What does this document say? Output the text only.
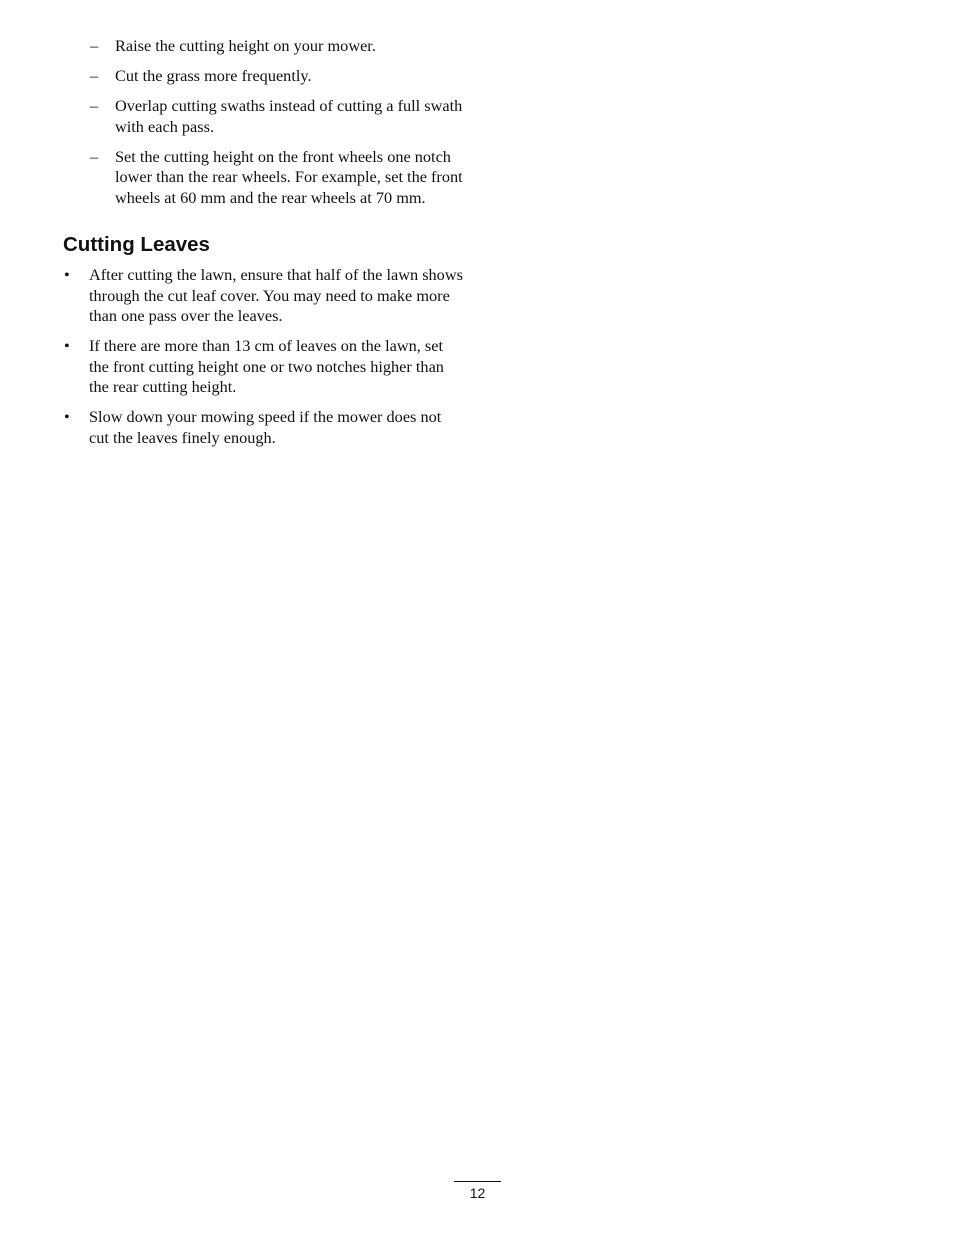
– Raise the cutting height on your mower.
– Cut the grass more frequently.
– Overlap cutting swaths instead of cutting a full swath with each pass.
– Set the cutting height on the front wheels one notch lower than the rear wheels. For example, set the front wheels at 60 mm and the rear wheels at 70 mm.
Cutting Leaves
• After cutting the lawn, ensure that half of the lawn shows through the cut leaf cover. You may need to make more than one pass over the leaves.
• If there are more than 13 cm of leaves on the lawn, set the front cutting height one or two notches higher than the rear cutting height.
• Slow down your mowing speed if the mower does not cut the leaves finely enough.
12
